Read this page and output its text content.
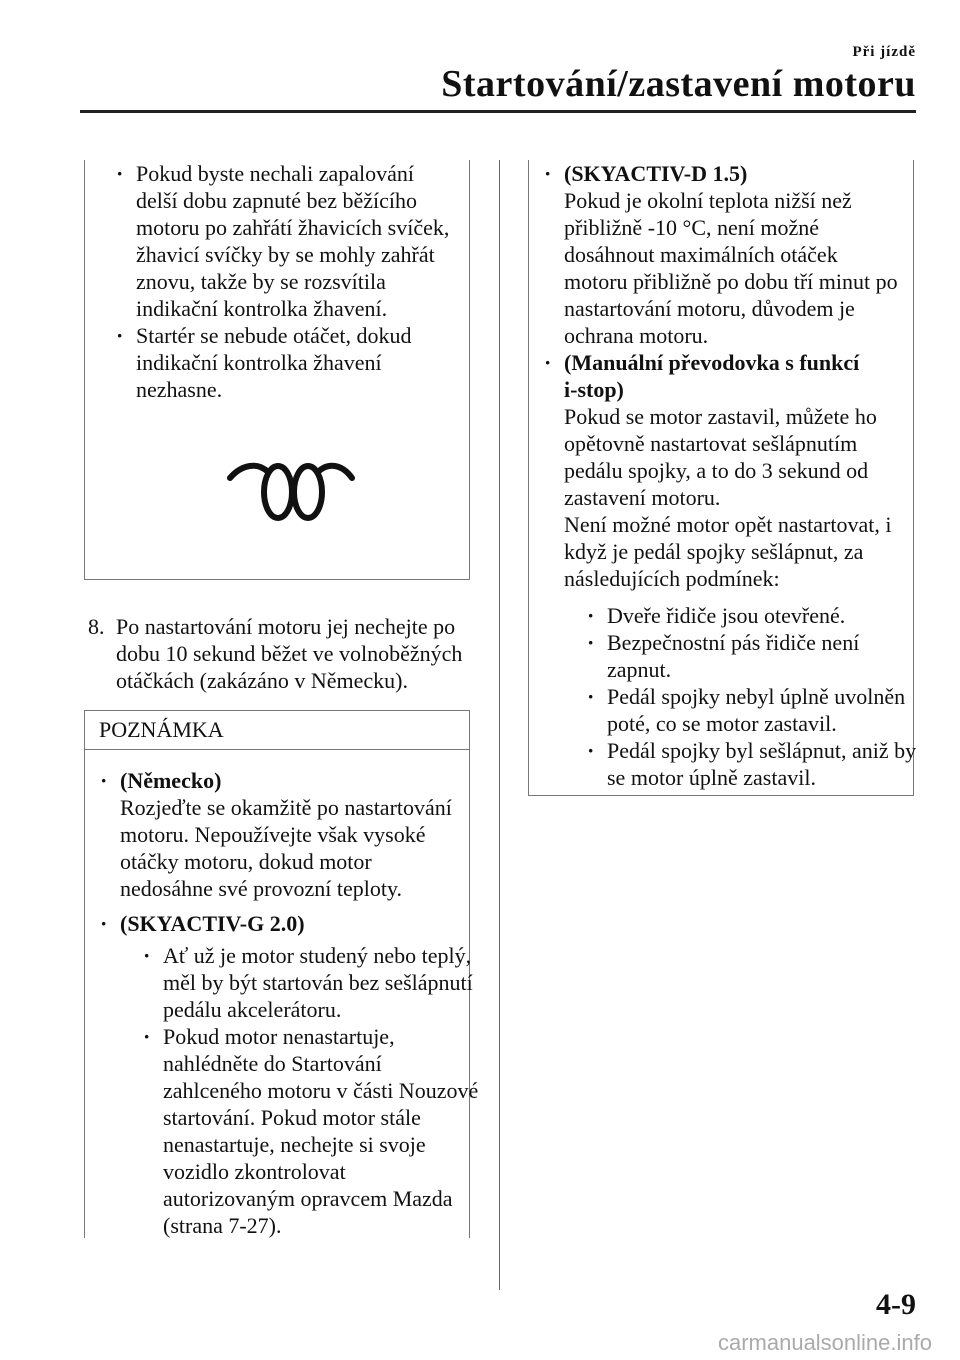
Při jízdě
Startování/zastavení motoru
· Pokud byste nechali zapalování
delší dobu zapnuté bez běžícího
motoru po zahřátí žhavicích svíček,
žhavicí svíčky by se mohly zahřát
znovu, takže by se rozsvítila
indikační kontrolka žhavení.
· Startér se nebude otáčet, dokud
indikační kontrolka žhavení
nezhasne.
8. Po nastartování motoru jej nechejte po
dobu 10 sekund běžet ve volnoběžných
otáčkách (zakázáno v Německu).
POZNÁMKA
· (Německo)
Rozjeďte se okamžitě po nastartování
motoru. Nepoužívejte však vysoké
otáčky motoru, dokud motor
nedosáhne své provozní teploty.
· (SKYACTIV-G 2.0)
· Ať už je motor studený nebo teplý,
měl by být startován bez sešlápnutí
pedálu akcelerátoru.
· Pokud motor nenastartuje,
nahlédněte do Startování
zahlceného motoru v části Nouzové
startování. Pokud motor stále
nenastartuje, nechejte si svoje
vozidlo zkontrolovat
autorizovaným opravcem Mazda
(strana 7-27).
· (SKYACTIV-D 1.5)
Pokud je okolní teplota nižší než
přibližně -10 °C, není možné
dosáhnout maximálních otáček
motoru přibližně po dobu tří minut po
nastartování motoru, důvodem je
ochrana motoru.
· (Manuální převodovka s funkcí
i-stop)
Pokud se motor zastavil, můžete ho
opětovně nastartovat sešlápnutím
pedálu spojky, a to do 3 sekund od
zastavení motoru.
Není možné motor opět nastartovat, i
když je pedál spojky sešlápnut, za
následujících podmínek:
· Dveře řidiče jsou otevřené.
· Bezpečnostní pás řidiče není
zapnut.
· Pedál spojky nebyl úplně uvolněn
poté, co se motor zastavil.
· Pedál spojky byl sešlápnut, aniž by
se motor úplně zastavil.
4-9
carmanualsonline.info
